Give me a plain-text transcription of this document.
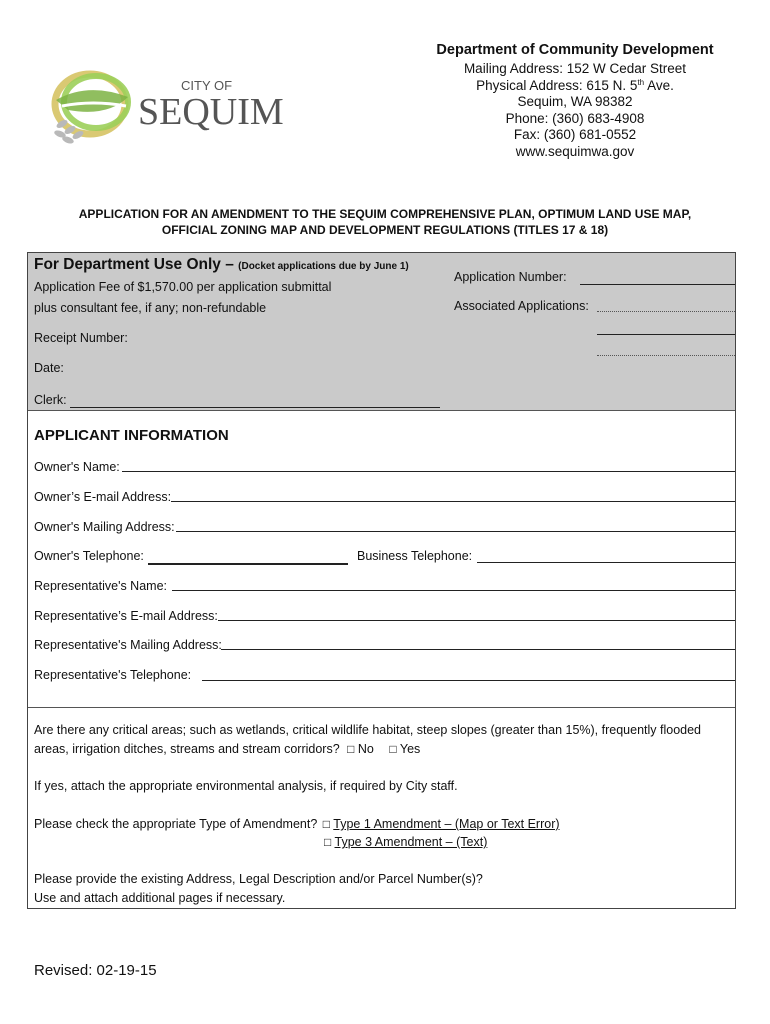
CITY OF
SEQUIM
Department of Community Development
Mailing Address: 152 W Cedar Street
Physical Address: 615 N. 5th Ave.
Sequim, WA 98382
Phone: (360) 683-4908
Fax: (360) 681-0552
www.sequimwa.gov
APPLICATION FOR AN AMENDMENT TO THE SEQUIM COMPREHENSIVE PLAN, OPTIMUM LAND USE MAP,
OFFICIAL ZONING MAP AND DEVELOPMENT REGULATIONS (TITLES 17 & 18)
For Department Use Only – (Docket applications due by June 1)
Application Fee of $1,570.00 per application submittal
plus consultant fee, if any; non-refundable
Receipt Number:
Date:
Clerk:
Application Number:
Associated Applications:
APPLICANT INFORMATION
Owner's Name:
Owner’s E-mail Address:
Owner's Mailing Address:
Owner's Telephone:	Business Telephone:
Representative's Name:
Representative’s E-mail Address:
Representative's Mailing Address:
Representative's Telephone:
Are there any critical areas; such as wetlands, critical wildlife habitat, steep slopes (greater than 15%), frequently flooded
areas, irrigation ditches, streams and stream corridors? □ No □ Yes
If yes, attach the appropriate environmental analysis, if required by City staff.
Please check the appropriate Type of Amendment? □ Type 1 Amendment – (Map or Text Error)
□ Type 3 Amendment – (Text)
Please provide the existing Address, Legal Description and/or Parcel Number(s)?
Use and attach additional pages if necessary.
Revised: 02-19-15
